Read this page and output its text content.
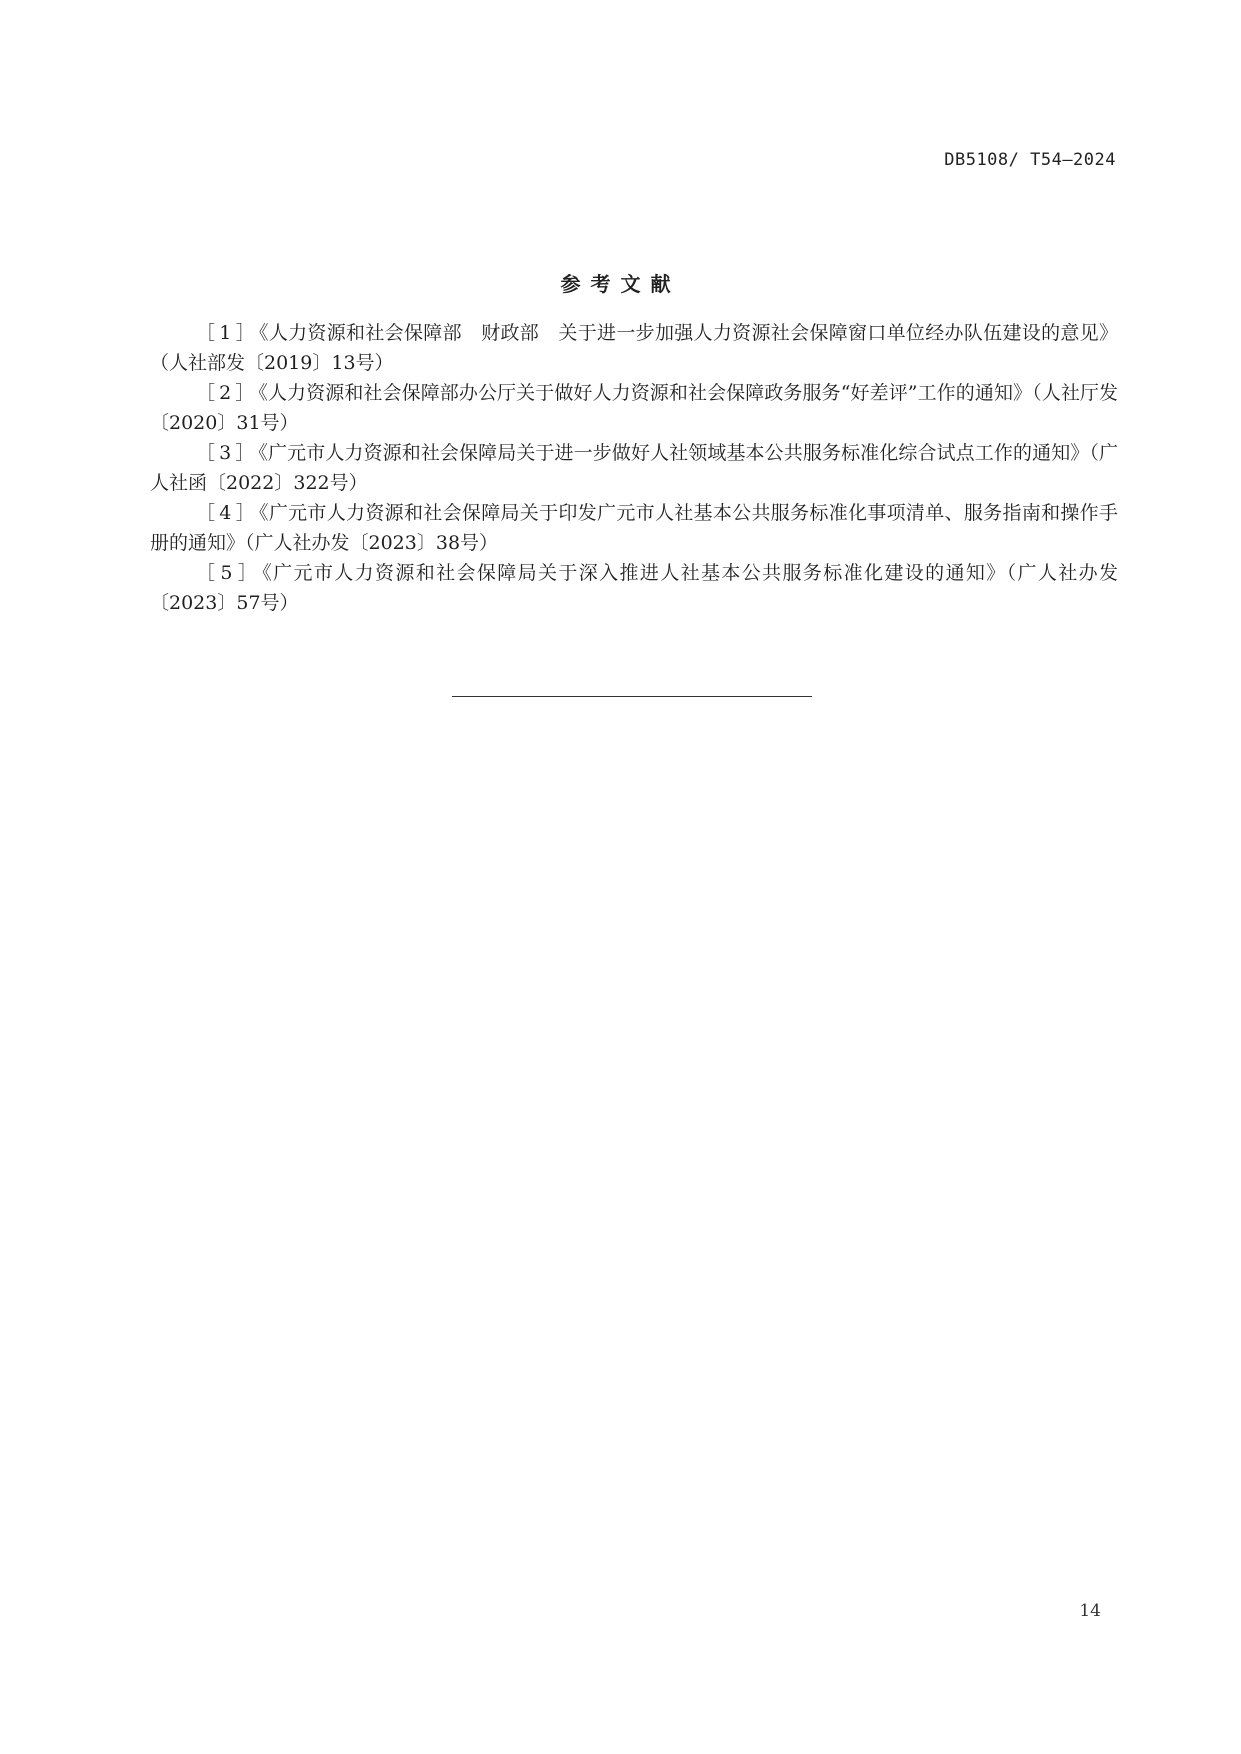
DB5108/ T54—2024
参考文献
［1］《人力资源和社会保障部　财政部　关于进一步加强人力资源社会保障窗口单位经办队伍建设的意见》（人社部发〔2019〕13号）
［2］《人力资源和社会保障部办公厅关于做好人力资源和社会保障政务服务“好差评”工作的通知》（人社厅发〔2020〕31号）
［3］《广元市人力资源和社会保障局关于进一步做好人社领域基本公共服务标准化综合试点工作的通知》（广人社函〔2022〕322号）
［4］《广元市人力资源和社会保障局关于印发广元市人社基本公共服务标准化事项清单、服务指南和操作手册的通知》（广人社办发〔2023〕38号）
［5］《广元市人力资源和社会保障局关于深入推进人社基本公共服务标准化建设的通知》（广人社办发〔2023〕57号）
14
